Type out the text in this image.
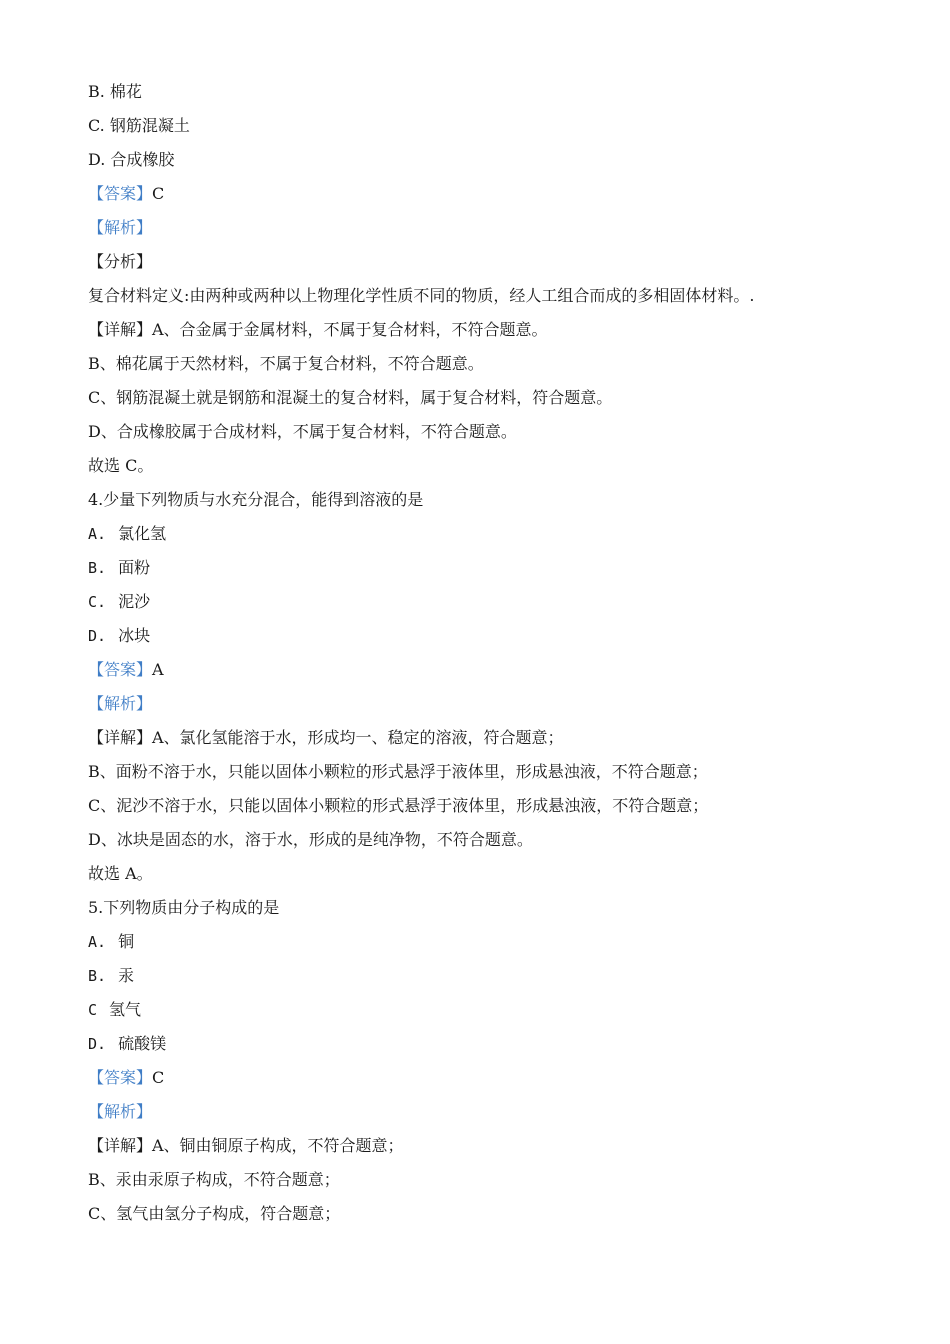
B. 棉花
C. 钢筋混凝土
D. 合成橡胶
【答案】C
【解析】
【分析】
复合材料定义:由两种或两种以上物理化学性质不同的物质，经人工组合而成的多相固体材料。.
【详解】A、合金属于金属材料，不属于复合材料，不符合题意。
B、棉花属于天然材料，不属于复合材料，不符合题意。
C、钢筋混凝土就是钢筋和混凝土的复合材料，属于复合材料，符合题意。
D、合成橡胶属于合成材料，不属于复合材料，不符合题意。
故选 C。
4.少量下列物质与水充分混合，能得到溶液的是
A. 氯化氢
B. 面粉
C. 泥沙
D. 冰块
【答案】A
【解析】
【详解】A、氯化氢能溶于水，形成均一、稳定的溶液，符合题意；
B、面粉不溶于水，只能以固体小颗粒的形式悬浮于液体里，形成悬浊液，不符合题意；
C、泥沙不溶于水，只能以固体小颗粒的形式悬浮于液体里，形成悬浊液，不符合题意；
D、冰块是固态的水，溶于水，形成的是纯净物，不符合题意。
故选 A。
5.下列物质由分子构成的是
A. 铜
B. 汞
C 氢气
D. 硫酸镁
【答案】C
【解析】
【详解】A、铜由铜原子构成，不符合题意；
B、汞由汞原子构成，不符合题意；
C、氢气由氢分子构成，符合题意；
